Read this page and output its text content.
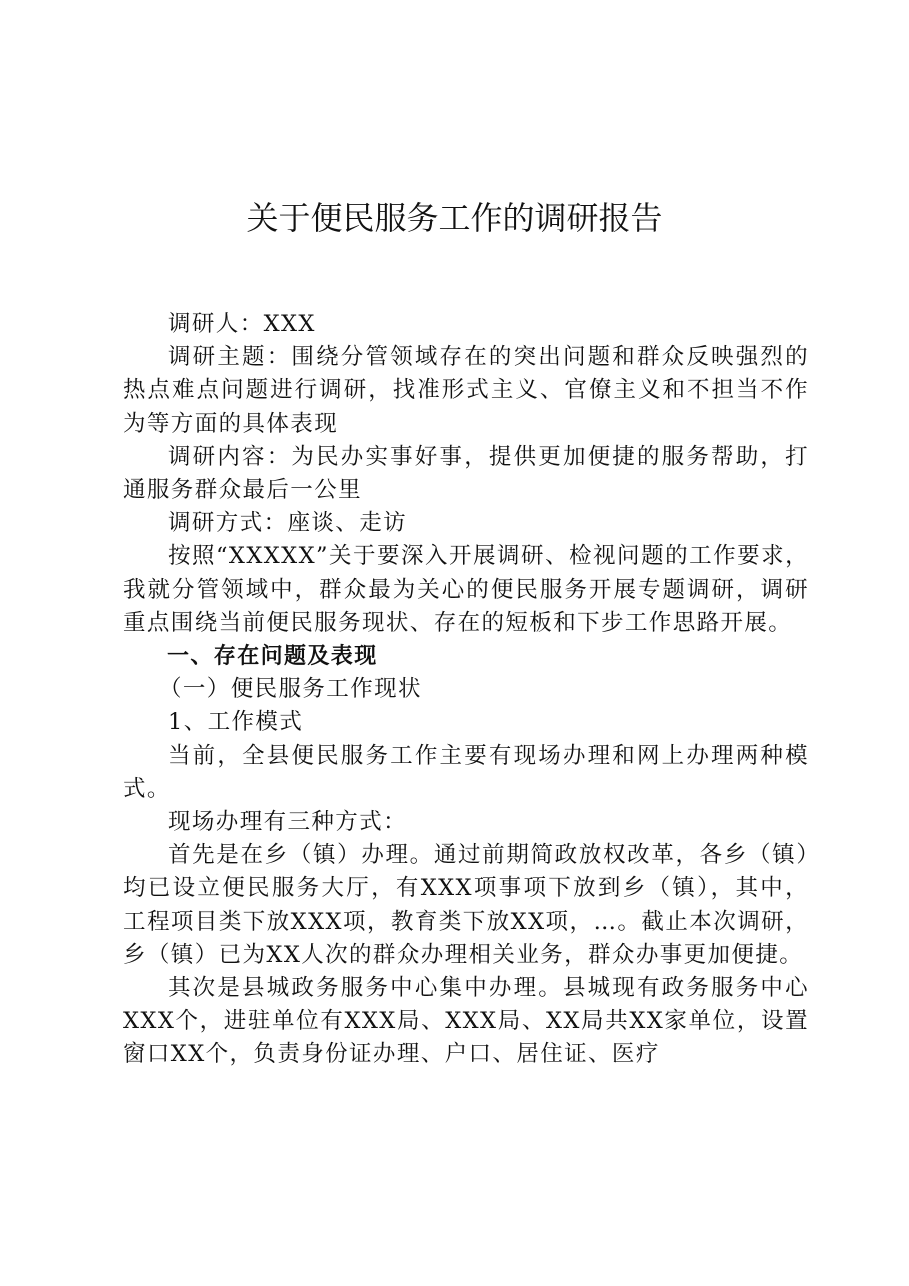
关于便民服务工作的调研报告

调研人：XXX

调研主题：围绕分管领域存在的突出问题和群众反映强烈的热点难点问题进行调研，找准形式主义、官僚主义和不担当不作为等方面的具体表现

调研内容：为民办实事好事，提供更加便捷的服务帮助，打通服务群众最后一公里

调研方式：座谈、走访

按照“XXXXX”关于要深入开展调研、检视问题的工作要求，我就分管领域中，群众最为关心的便民服务开展专题调研，调研重点围绕当前便民服务现状、存在的短板和下步工作思路开展。

一、存在问题及表现

（一）便民服务工作现状

1、工作模式

当前，全县便民服务工作主要有现场办理和网上办理两种模式。

现场办理有三种方式：

首先是在乡（镇）办理。通过前期简政放权改革，各乡（镇）均已设立便民服务大厅，有XXX项事项下放到乡（镇），其中，工程项目类下放XXX项，教育类下放XX项，…。截止本次调研，乡（镇）已为XX人次的群众办理相关业务，群众办事更加便捷。

其次是县城政务服务中心集中办理。县城现有政务服务中心XXX个，进驻单位有XXX局、XXX局、XX局共XX家单位，设置窗口XX个，负责身份证办理、户口、居住证、医疗
